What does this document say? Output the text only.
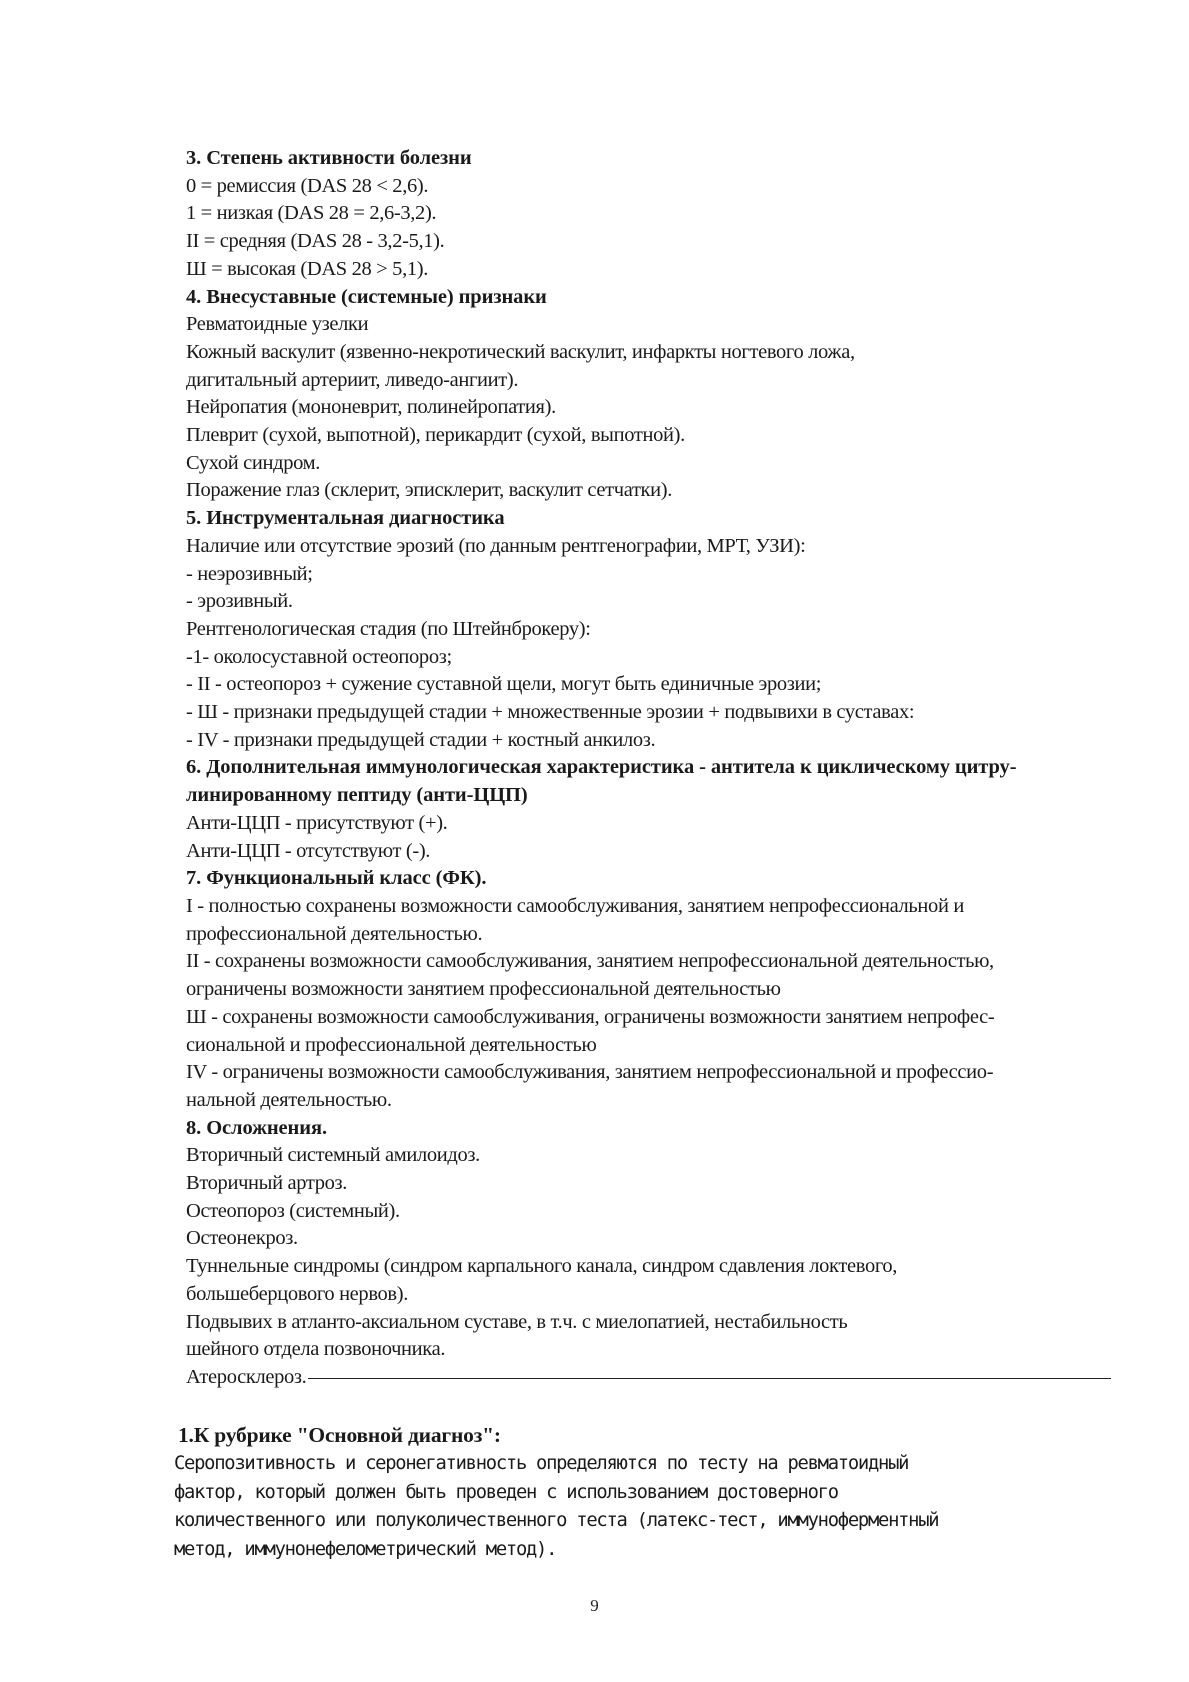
3. Степень активности болезни
0 = ремиссия (DAS 28 < 2,6).
1 = низкая (DAS 28 = 2,6-3,2).
II = средняя (DAS 28 - 3,2-5,1).
Ш = высокая (DAS 28 > 5,1).
4. Внесуставные (системные) признаки
Ревматоидные узелки
Кожный васкулит (язвенно-некротический васкулит, инфаркты ногтевого ложа,
дигитальный артериит, ливедо-ангиит).
Нейропатия (мононеврит, полинейропатия).
Плеврит (сухой, выпотной), перикардит (сухой, выпотной).
Сухой синдром.
Поражение глаз (склерит, эписклерит, васкулит сетчатки).
5. Инструментальная диагностика
Наличие или отсутствие эрозий (по данным рентгенографии, МРТ, УЗИ):
- неэрозивный;
- эрозивный.
Рентгенологическая стадия (по Штейнброкеру):
-1- околосуставной остеопороз;
- II - остеопороз + сужение суставной щели, могут быть единичные эрозии;
- Ш - признаки предыдущей стадии + множественные эрозии + подвывихи в суставах:
- IV - признаки предыдущей стадии + костный анкилоз.
6. Дополнительная иммунологическая характеристика - антитела к циклическому цитру-
линированному пептиду (анти-ЦЦП)
Анти-ЦЦП - присутствуют (+).
Анти-ЦЦП - отсутствуют (-).
7. Функциональный класс (ФК).
I - полностью сохранены возможности самообслуживания, занятием непрофессиональной и
профессиональной деятельностью.
II - сохранены возможности самообслуживания, занятием непрофессиональной деятельностью,
ограничены возможности занятием профессиональной деятельностью
Ш - сохранены возможности самообслуживания, ограничены возможности занятием непрофес-
сиональной и профессиональной деятельностью
IV - ограничены возможности самообслуживания, занятием непрофессиональной и профессио-
нальной деятельностью.
8. Осложнения.
Вторичный системный амилоидоз.
Вторичный артроз.
Остеопороз (системный).
Остеонекроз.
Туннельные синдромы (синдром карпального канала, синдром сдавления локтевого,
большеберцового нервов).
Подвывих в атланто-аксиальном суставе, в т.ч. с миелопатией, нестабильность
шейного отдела позвоночника.
Атеросклероз.
1.К рубрике "Основной диагноз":
Серопозитивность и серонегативность определяются по тесту на ревматоидный
фактор, который должен быть проведен с использованием достоверного
количественного или полуколичественного теста (латекс-тест, иммуноферментный
метод, иммунонефелометрический метод).
9
